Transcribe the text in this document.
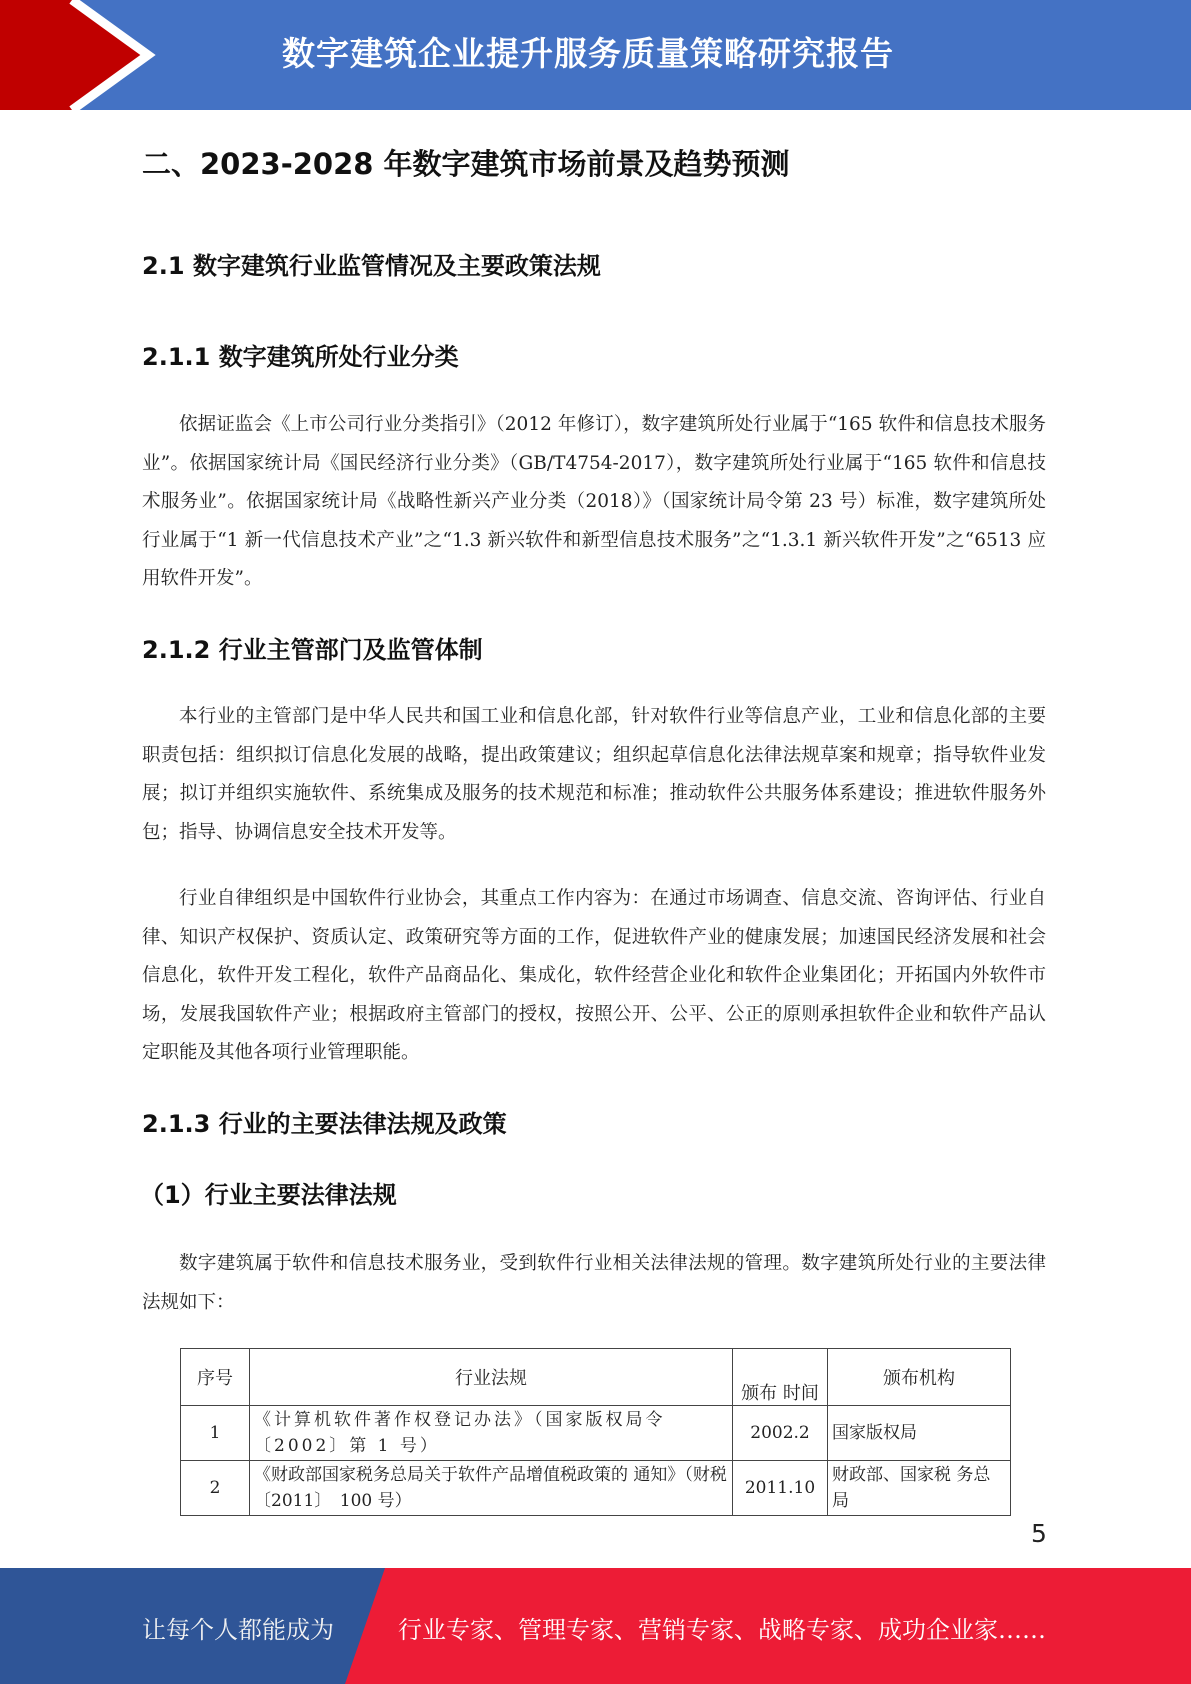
数字建筑企业提升服务质量策略研究报告
二、2023-2028 年数字建筑市场前景及趋势预测
2.1 数字建筑行业监管情况及主要政策法规
2.1.1 数字建筑所处行业分类
依据证监会《上市公司行业分类指引》（2012 年修订），数字建筑所处行业属于“165 软件和信息技术服务业”。依据国家统计局《国民经济行业分类》（GB/T4754-2017），数字建筑所处行业属于“165 软件和信息技术服务业”。依据国家统计局《战略性新兴产业分类（2018）》（国家统计局令第 23 号）标准，数字建筑所处行业属于“1 新一代信息技术产业”之“1.3 新兴软件和新型信息技术服务”之“1.3.1 新兴软件开发”之“6513 应用软件开发”。
2.1.2 行业主管部门及监管体制
本行业的主管部门是中华人民共和国工业和信息化部，针对软件行业等信息产业，工业和信息化部的主要职责包括：组织拟订信息化发展的战略，提出政策建议；组织起草信息化法律法规草案和规章；指导软件业发展；拟订并组织实施软件、系统集成及服务的技术规范和标准；推动软件公共服务体系建设；推进软件服务外包；指导、协调信息安全技术开发等。
行业自律组织是中国软件行业协会，其重点工作内容为：在通过市场调查、信息交流、咨询评估、行业自律、知识产权保护、资质认定、政策研究等方面的工作，促进软件产业的健康发展；加速国民经济发展和社会信息化，软件开发工程化，软件产品商品化、集成化，软件经营企业化和软件企业集团化；开拓国内外软件市场，发展我国软件产业；根据政府主管部门的授权，按照公开、公平、公正的原则承担软件企业和软件产品认定职能及其他各项行业管理职能。
2.1.3 行业的主要法律法规及政策
（1）行业主要法律法规
数字建筑属于软件和信息技术服务业，受到软件行业相关法律法规的管理。数字建筑所处行业的主要法律法规如下：
序号	行业法规	颁布 时间	颁布机构
1	《计算机软件著作权登记办法》（国家版权局令〔2002〕第 1 号）	2002.2	国家版权局
2	《财政部国家税务总局关于软件产品增值税政策的 通知》（财税〔2011〕　100 号）	2011.10	财政部、国家税 务总局
5
让每个人都能成为	行业专家、管理专家、营销专家、战略专家、成功企业家……
